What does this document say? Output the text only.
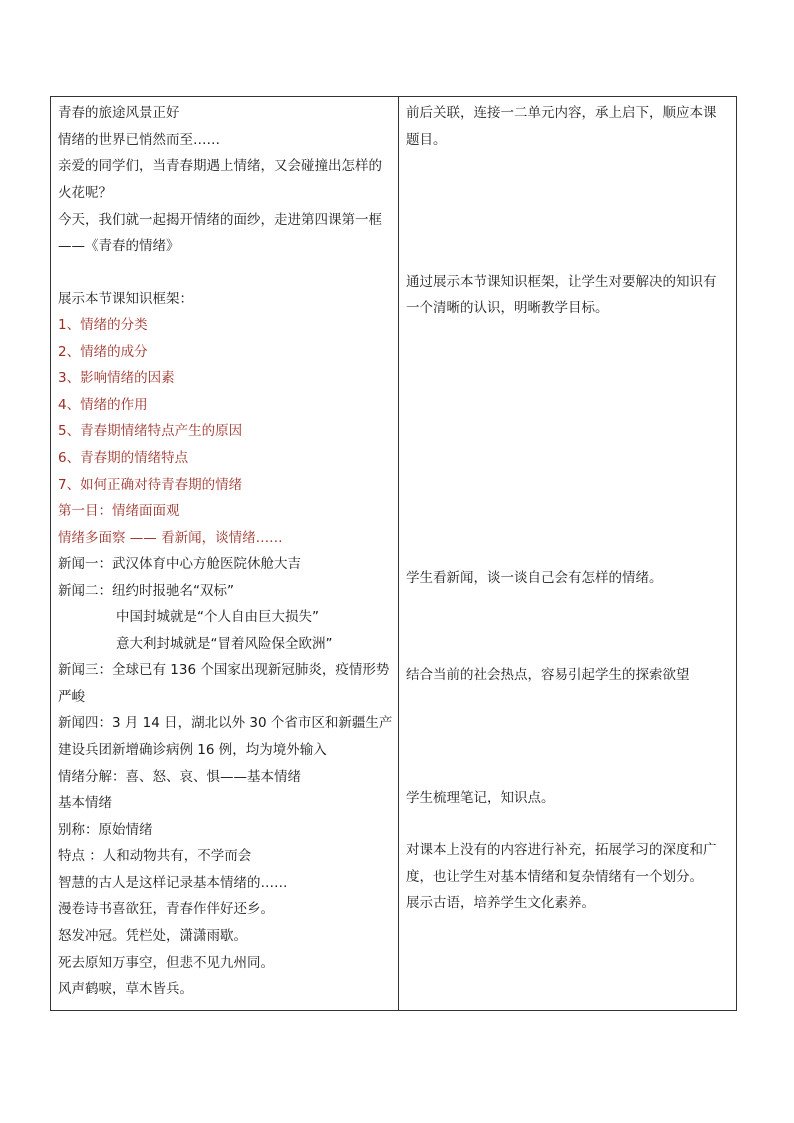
青春的旅途风景正好
情绪的世界已悄然而至……
亲爱的同学们，当青春期遇上情绪，又会碰撞出怎样的
火花呢？
今天，我们就一起揭开情绪的面纱，走进第四课第一框
——《青春的情绪》
展示本节课知识框架：
1、情绪的分类
2、情绪的成分
3、影响情绪的因素
4、情绪的作用
5、青春期情绪特点产生的原因
6、青春期的情绪特点
7、如何正确对待青春期的情绪
第一目：情绪面面观
情绪多面察 —— 看新闻，谈情绪……
新闻一：武汉体育中心方舱医院休舱大吉
新闻二：纽约时报驰名“双标”
中国封城就是“个人自由巨大损失”
意大利封城就是“冒着风险保全欧洲”
新闻三：全球已有 136 个国家出现新冠肺炎，疫情形势
严峻
新闻四：3 月 14 日，湖北以外 30 个省市区和新疆生产
建设兵团新增确诊病例 16 例，均为境外输入
情绪分解：喜、怒、哀、惧——基本情绪
基本情绪
别称：原始情绪
特点 ：人和动物共有，不学而会
智慧的古人是这样记录基本情绪的……
漫卷诗书喜欲狂，青春作伴好还乡。
怒发冲冠。凭栏处，潇潇雨歇。
死去原知万事空，但悲不见九州同。
风声鹤唳，草木皆兵。
前后关联，连接一二单元内容，承上启下，顺应本课
题目。
通过展示本节课知识框架，让学生对要解决的知识有
一个清晰的认识，明晰教学目标。
学生看新闻，谈一谈自己会有怎样的情绪。
结合当前的社会热点，容易引起学生的探索欲望
学生梳理笔记，知识点。
对课本上没有的内容进行补充，拓展学习的深度和广
度，也让学生对基本情绪和复杂情绪有一个划分。
展示古语，培养学生文化素养。
